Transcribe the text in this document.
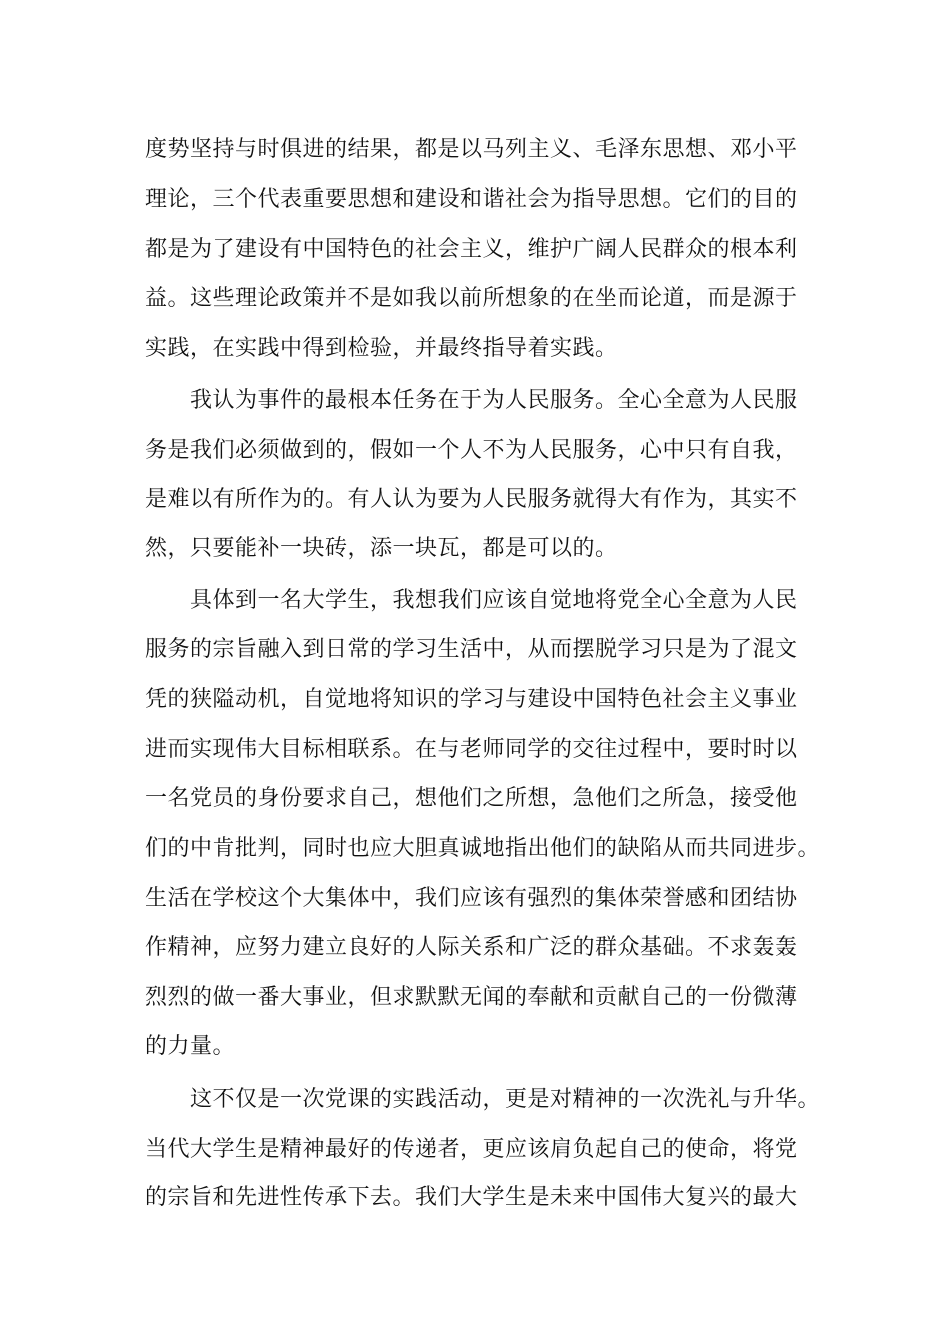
度势坚持与时俱进的结果，都是以马列主义、毛泽东思想、邓小平
理论，三个代表重要思想和建设和谐社会为指导思想。它们的目的
都是为了建设有中国特色的社会主义，维护广阔人民群众的根本利
益。这些理论政策并不是如我以前所想象的在坐而论道，而是源于
实践，在实践中得到检验，并最终指导着实践。
我认为事件的最根本任务在于为人民服务。全心全意为人民服
务是我们必须做到的，假如一个人不为人民服务，心中只有自我，
是难以有所作为的。有人认为要为人民服务就得大有作为，其实不
然，只要能补一块砖，添一块瓦，都是可以的。
具体到一名大学生，我想我们应该自觉地将党全心全意为人民
服务的宗旨融入到日常的学习生活中，从而摆脱学习只是为了混文
凭的狭隘动机，自觉地将知识的学习与建设中国特色社会主义事业
进而实现伟大目标相联系。在与老师同学的交往过程中，要时时以
一名党员的身份要求自己，想他们之所想，急他们之所急，接受他
们的中肯批判，同时也应大胆真诚地指出他们的缺陷从而共同进步。
生活在学校这个大集体中，我们应该有强烈的集体荣誉感和团结协
作精神，应努力建立良好的人际关系和广泛的群众基础。不求轰轰
烈烈的做一番大事业，但求默默无闻的奉献和贡献自己的一份微薄
的力量。
这不仅是一次党课的实践活动，更是对精神的一次洗礼与升华。
当代大学生是精神最好的传递者，更应该肩负起自己的使命，将党
的宗旨和先进性传承下去。我们大学生是未来中国伟大复兴的最大
